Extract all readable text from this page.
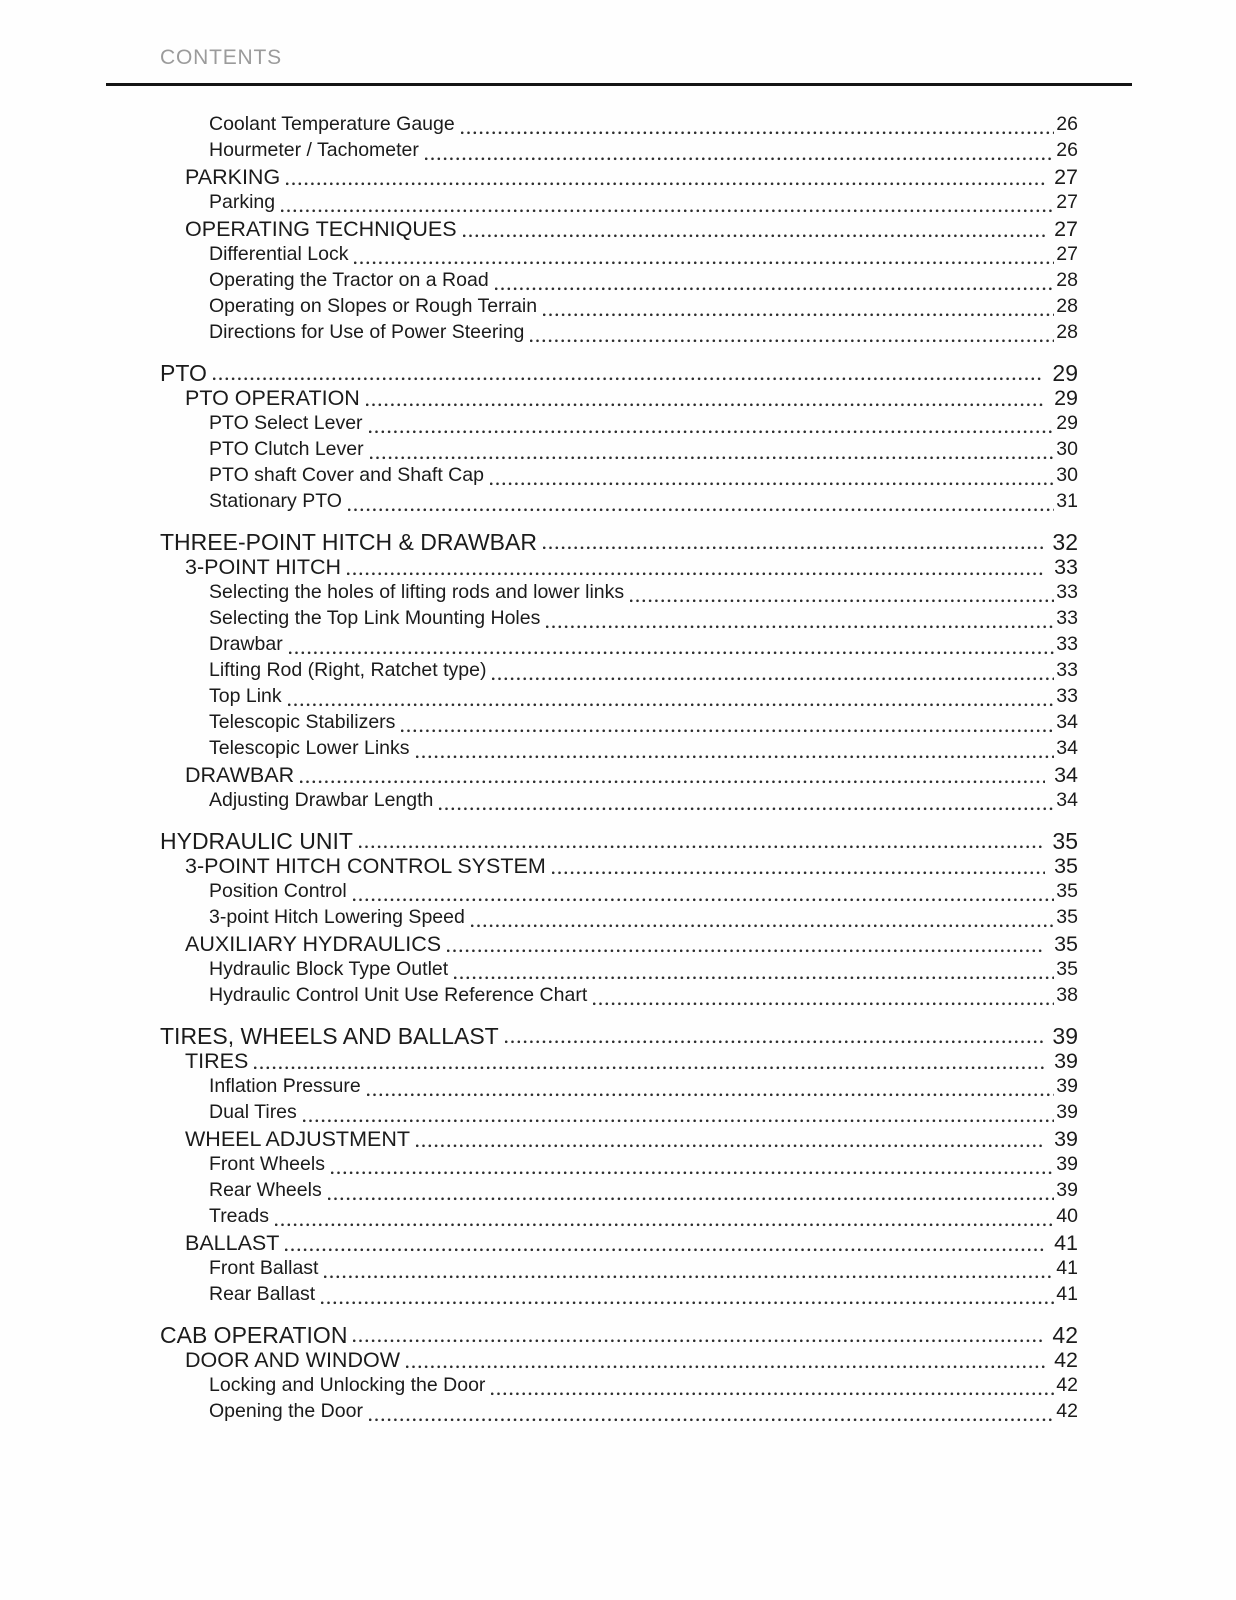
CONTENTS
Coolant Temperature Gauge	26
Hourmeter / Tachometer	26
PARKING	27
Parking	27
OPERATING TECHNIQUES	27
Differential Lock	27
Operating the Tractor on a Road	28
Operating on Slopes or Rough Terrain	28
Directions for Use of Power Steering	28
PTO	29
PTO OPERATION	29
PTO Select Lever	29
PTO Clutch Lever	30
PTO shaft Cover and Shaft Cap	30
Stationary PTO	31
THREE-POINT HITCH & DRAWBAR	32
3-POINT HITCH	33
Selecting the holes of lifting rods and lower links	33
Selecting the Top Link Mounting Holes	33
Drawbar	33
Lifting Rod (Right, Ratchet type)	33
Top Link	33
Telescopic Stabilizers	34
Telescopic Lower Links	34
DRAWBAR	34
Adjusting Drawbar Length	34
HYDRAULIC UNIT	35
3-POINT HITCH CONTROL SYSTEM	35
Position Control	35
3-point Hitch Lowering Speed	35
AUXILIARY HYDRAULICS	35
Hydraulic Block Type Outlet	35
Hydraulic Control Unit Use Reference Chart	38
TIRES, WHEELS AND BALLAST	39
TIRES	39
Inflation Pressure	39
Dual Tires	39
WHEEL ADJUSTMENT	39
Front Wheels	39
Rear Wheels	39
Treads	40
BALLAST	41
Front Ballast	41
Rear Ballast	41
CAB OPERATION	42
DOOR AND WINDOW	42
Locking and Unlocking the Door	42
Opening the Door	42
